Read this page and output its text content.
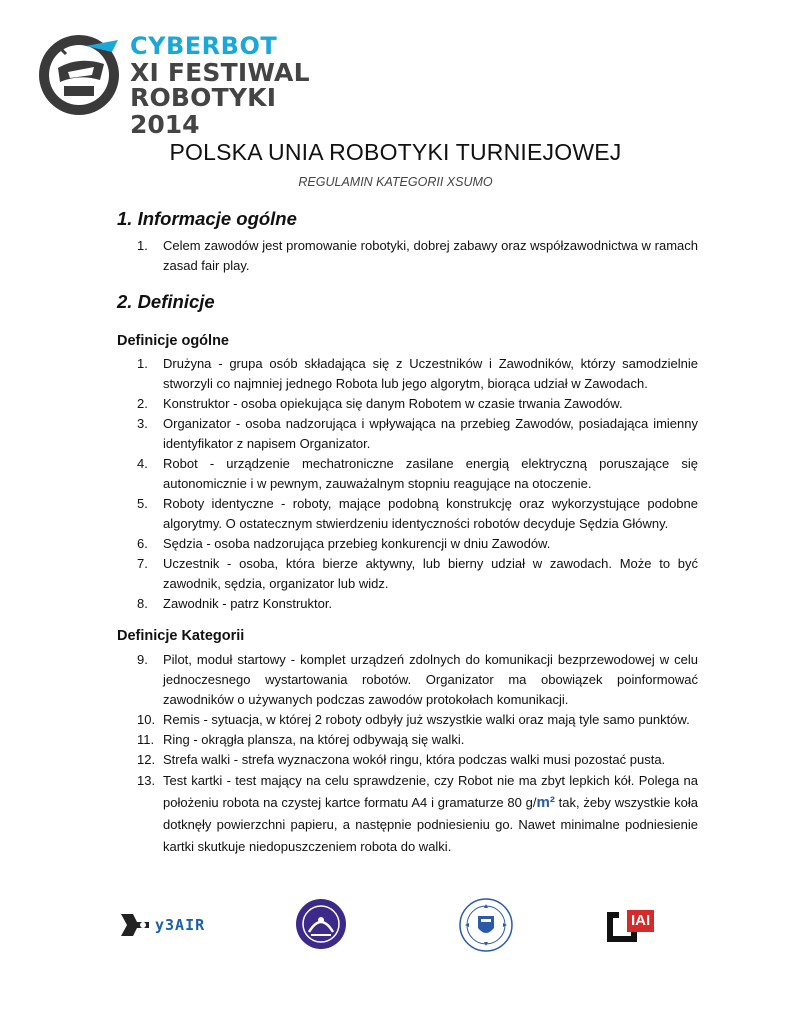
CYBERBOT
XI FESTIWAL ROBOTYKI
2014
POLSKA UNIA ROBOTYKI TURNIEJOWEJ
REGULAMIN KATEGORII XSUMO
1. Informacje ogólne
1.	Celem zawodów jest promowanie robotyki, dobrej zabawy oraz współzawodnictwa w ramach zasad fair play.
2. Definicje
Definicje ogólne
1.	Drużyna - grupa osób składająca się z Uczestników i Zawodników, którzy samodzielnie stworzyli co najmniej jednego Robota lub jego algorytm, biorąca udział w Zawodach.
2.	Konstruktor - osoba opiekująca się danym Robotem w czasie trwania Zawodów.
3.	Organizator - osoba nadzorująca i wpływająca na przebieg Zawodów, posiadająca imienny identyfikator z napisem Organizator.
4.	Robot - urządzenie mechatroniczne zasilane energią elektryczną poruszające się autonomicznie i w pewnym, zauważalnym stopniu reagujące na otoczenie.
5.	Roboty identyczne - roboty, mające podobną konstrukcję oraz wykorzystujące podobne algorytmy. O ostatecznym stwierdzeniu identyczności robotów decyduje Sędzia Główny.
6.	Sędzia - osoba nadzorująca przebieg konkurencji w dniu Zawodów.
7.	Uczestnik - osoba, która bierze aktywny, lub bierny udział w zawodach. Może to być zawodnik, sędzia, organizator lub widz.
8.	Zawodnik - patrz Konstruktor.
Definicje Kategorii
9.	Pilot, moduł startowy - komplet urządzeń zdolnych do komunikacji bezprzewodowej w celu jednoczesnego wystartowania robotów. Organizator ma obowiązek poinformować zawodników o używanych podczas zawodów protokołach komunikacji.
10. Remis - sytuacja, w której 2 roboty odbyły już wszystkie walki oraz mają tyle samo punktów.
11. Ring - okrągła plansza, na której odbywają się walki.
12. Strefa walki - strefa wyznaczona wokół ringu, która podczas walki musi pozostać pusta.
13. Test kartki - test mający na celu sprawdzenie, czy Robot nie ma zbyt lepkich kół. Polega na położeniu robota na czystej kartce formatu A4 i gramaturze 80 g/m² tak, żeby wszystkie koła dotknęły powierzchni papieru, a następnie podniesieniu go. Nawet minimalne podniesienie kartki skutkuje niedopuszczeniem robota do walki.
y3AIR	IAI
